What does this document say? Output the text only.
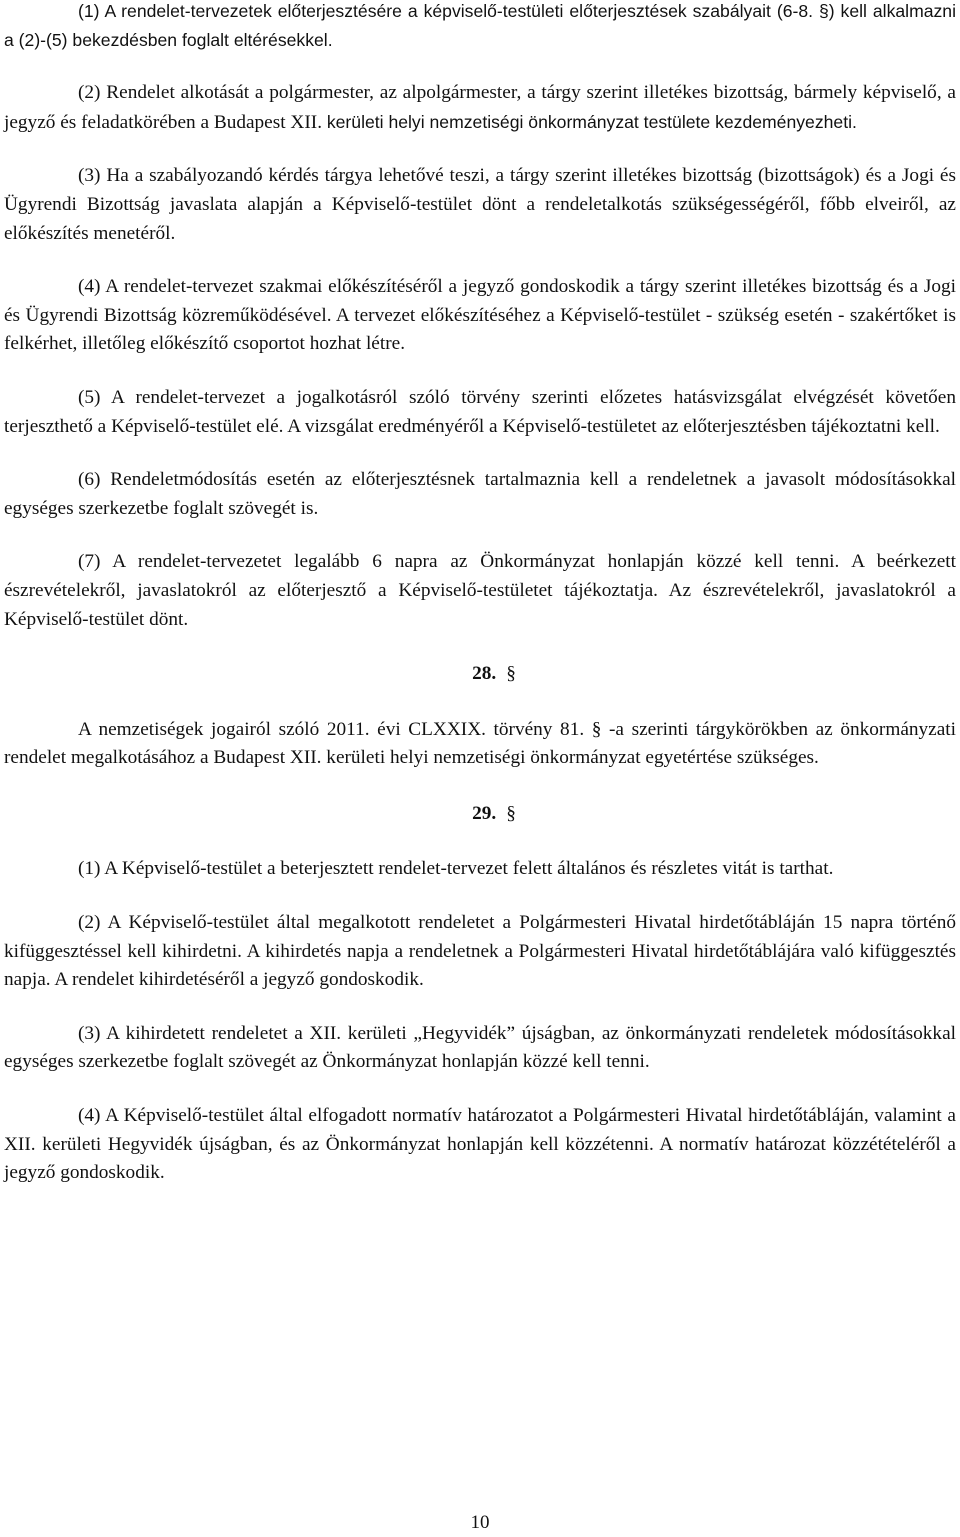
(1) A rendelet-tervezetek előterjesztésére a képviselő-testületi előterjesztések szabályait (6-8. §) kell alkalmazni a (2)-(5) bekezdésben foglalt eltérésekkel.

(2) Rendelet alkotását a polgármester, az alpolgármester, a tárgy szerint illetékes bizottság, bármely képviselő, a jegyző és feladatkörében a Budapest XII. kerületi helyi nemzetiségi önkormányzat testülete kezdeményezheti.

(3) Ha a szabályozandó kérdés tárgya lehetővé teszi, a tárgy szerint illetékes bizottság (bizottságok) és a Jogi és Ügyrendi Bizottság javaslata alapján a Képviselő-testület dönt a rendeletalkotás szükségességéről, főbb elveiről, az előkészítés menetéről.

(4) A rendelet-tervezet szakmai előkészítéséről a jegyző gondoskodik a tárgy szerint illetékes bizottság és a Jogi és Ügyrendi Bizottság közreműködésével. A tervezet előkészítéséhez a Képviselő-testület - szükség esetén - szakértőket is felkérhet, illetőleg előkészítő csoportot hozhat létre.

(5) A rendelet-tervezet a jogalkotásról szóló törvény szerinti előzetes hatásvizsgálat elvégzését követően terjeszthető a Képviselő-testület elé. A vizsgálat eredményéről a Képviselő-testületet az előterjesztésben tájékoztatni kell.

(6) Rendeletmódosítás esetén az előterjesztésnek tartalmaznia kell a rendeletnek a javasolt módosításokkal egységes szerkezetbe foglalt szövegét is.

(7) A rendelet-tervezetet legalább 6 napra az Önkormányzat honlapján közzé kell tenni. A beérkezett észrevételekről, javaslatokról az előterjesztő a Képviselő-testületet tájékoztatja. Az észrevételekről, javaslatokról a Képviselő-testület dönt.

28. §

A nemzetiségek jogairól szóló 2011. évi CLXXIX. törvény 81. § -a szerinti tárgykörökben az önkormányzati rendelet megalkotásához a Budapest XII. kerületi helyi nemzetiségi önkormányzat egyetértése szükséges.

29. §

(1) A Képviselő-testület a beterjesztett rendelet-tervezet felett általános és részletes vitát is tarthat.

(2) A Képviselő-testület által megalkotott rendeletet a Polgármesteri Hivatal hirdetőtábláján 15 napra történő kifüggesztéssel kell kihirdetni. A kihirdetés napja a rendeletnek a Polgármesteri Hivatal hirdetőtáblájára való kifüggesztés napja. A rendelet kihirdetéséről a jegyző gondoskodik.

(3) A kihirdetett rendeletet a XII. kerületi „Hegyvidék” újságban, az önkormányzati rendeletek módosításokkal egységes szerkezetbe foglalt szövegét az Önkormányzat honlapján közzé kell tenni.

(4) A Képviselő-testület által elfogadott normatív határozatot a Polgármesteri Hivatal hirdetőtábláján, valamint a XII. kerületi Hegyvidék újságban, és az Önkormányzat honlapján kell közzétenni. A normatív határozat közzétételéről a jegyző gondoskodik.

10
